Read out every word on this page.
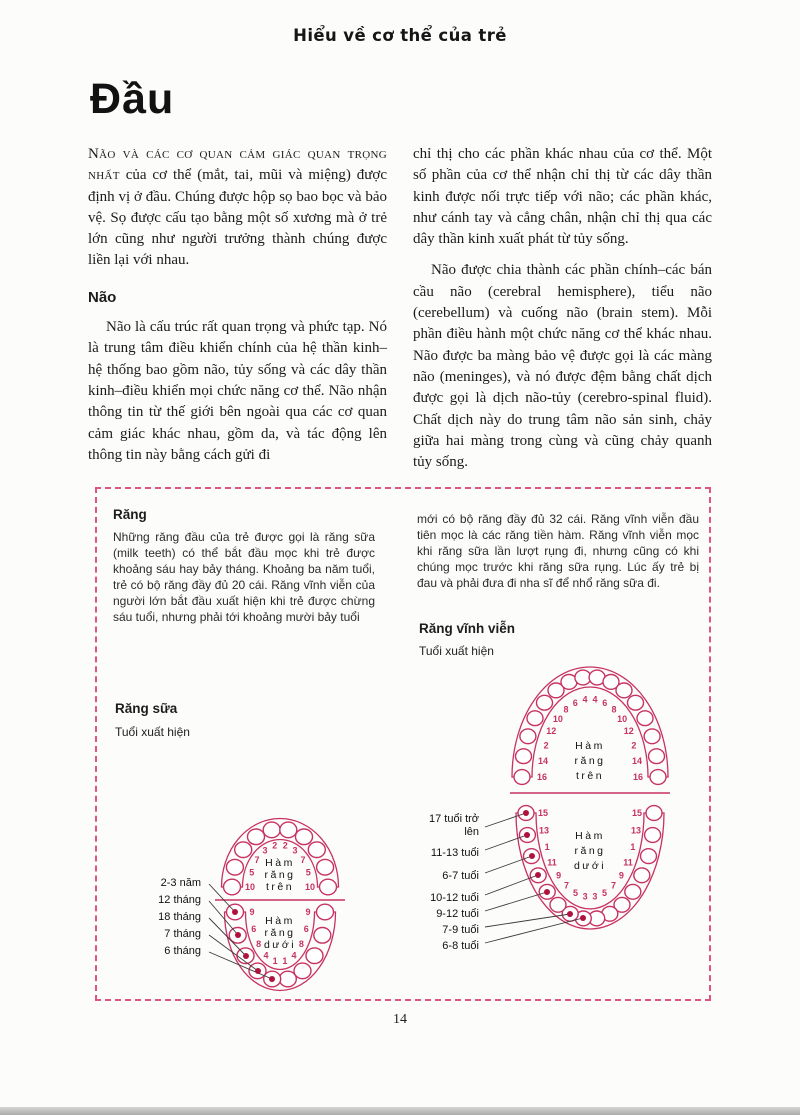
Hiểu về cơ thể của trẻ
Đầu

Não và các cơ quan cảm giác quan trọng nhất của cơ thể (mắt, tai, mũi và miệng) được định vị ở đầu. Chúng được hộp sọ bao bọc và bảo vệ. Sọ được cấu tạo bằng một số xương mà ở trẻ lớn cũng như người trưởng thành chúng được liền lại với nhau.

Não

Não là cấu trúc rất quan trọng và phức tạp. Nó là trung tâm điều khiển chính của hệ thần kinh–hệ thống bao gồm não, tủy sống và các dây thần kinh–điều khiển mọi chức năng cơ thể. Não nhận thông tin từ thế giới bên ngoài qua các cơ quan cảm giác khác nhau, gồm da, và tác động lên thông tin này bằng cách gửi đi

chỉ thị cho các phần khác nhau của cơ thể. Một số phần của cơ thể nhận chỉ thị từ các dây thần kinh được nối trực tiếp với não; các phần khác, như cánh tay và cẳng chân, nhận chỉ thị qua các dây thần kinh xuất phát từ tủy sống.

Não được chia thành các phần chính–các bán cầu não (cerebral hemisphere), tiểu não (cerebellum) và cuống não (brain stem). Mỗi phần điều hành một chức năng cơ thể khác nhau. Não được ba màng bảo vệ được gọi là các màng não (meninges), và nó được đệm bằng chất dịch được gọi là dịch não-tủy (cerebro-spinal fluid). Chất dịch này do trung tâm não sản sinh, chảy giữa hai màng trong cùng và cũng chảy quanh tủy sống.

Răng
Những răng đầu của trẻ được gọi là răng sữa (milk teeth) có thể bắt đầu mọc khi trẻ được khoảng sáu hay bảy tháng. Khoảng ba năm tuổi, trẻ có bộ răng đầy đủ 20 cái. Răng vĩnh viễn của người lớn bắt đầu xuất hiện khi trẻ được chừng sáu tuổi, nhưng phải tới khoảng mười bảy tuổi
mới có bộ răng đầy đủ 32 cái. Răng vĩnh viễn đầu tiên mọc là các răng tiền hàm. Răng vĩnh viễn mọc khi răng sữa lần lượt rụng đi, nhưng cũng có khi chúng mọc trước khi răng sữa rụng. Lúc ấy trẻ bị đau và phải đưa đi nha sĩ để nhổ răng sữa đi.
Răng vĩnh viễn
Tuổi xuất hiện
Răng sữa
Tuổi xuất hiện
10
5
7
3 2 2 3
7
5
10
9
6
8
4
1
1
4
8
6
9
Hàm
răng
trên
Hàm
răng
dưới
2-3 năm
12 tháng
18 tháng
7 tháng
6 tháng
16
14
2
12
10
8
6 4 4 6
8
10
12
2
14
16
15
13
1
11
9
7
5
3
3
5
7
9
11
1
13
15
Hàm
răng
trên
Hàm
răng
dưới
17 tuổi trở lên
11-13 tuổi
6-7 tuổi
10-12 tuổi
9-12 tuổi
7-9 tuổi
6-8 tuổi
14
